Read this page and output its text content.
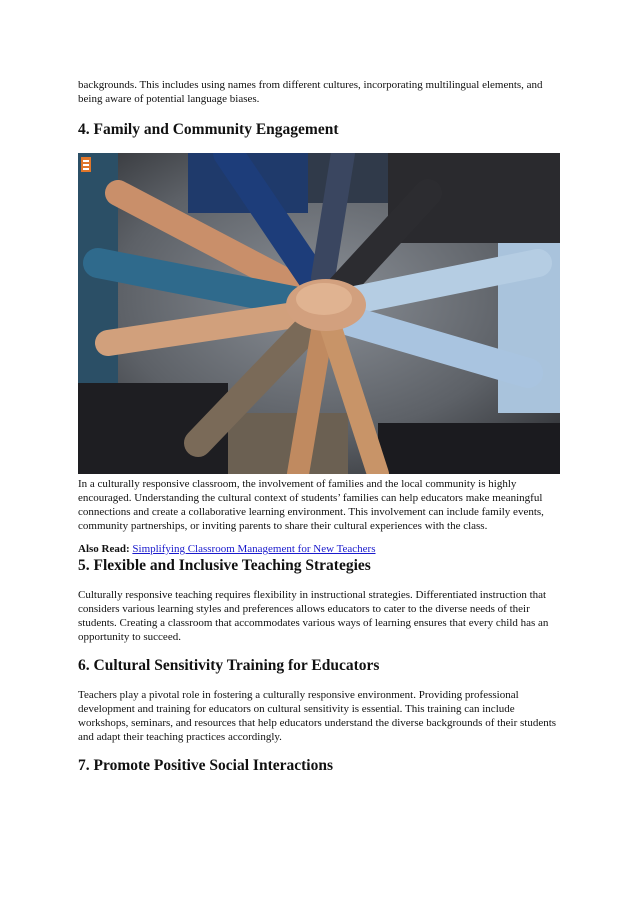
backgrounds. This includes using names from different cultures, incorporating multilingual elements, and being aware of potential language biases.

4. Family and Community Engagement

In a culturally responsive classroom, the involvement of families and the local community is highly encouraged. Understanding the cultural context of students’ families can help educators make meaningful connections and create a collaborative learning environment. This involvement can include family events, community partnerships, or inviting parents to share their cultural experiences with the class.

Also Read: Simplifying Classroom Management for New Teachers

5. Flexible and Inclusive Teaching Strategies

Culturally responsive teaching requires flexibility in instructional strategies. Differentiated instruction that considers various learning styles and preferences allows educators to cater to the diverse needs of their students. Creating a classroom that accommodates various ways of learning ensures that every child has an opportunity to succeed.

6. Cultural Sensitivity Training for Educators

Teachers play a pivotal role in fostering a culturally responsive environment. Providing professional development and training for educators on cultural sensitivity is essential. This training can include workshops, seminars, and resources that help educators understand the diverse backgrounds of their students and adapt their teaching practices accordingly.

7. Promote Positive Social Interactions
